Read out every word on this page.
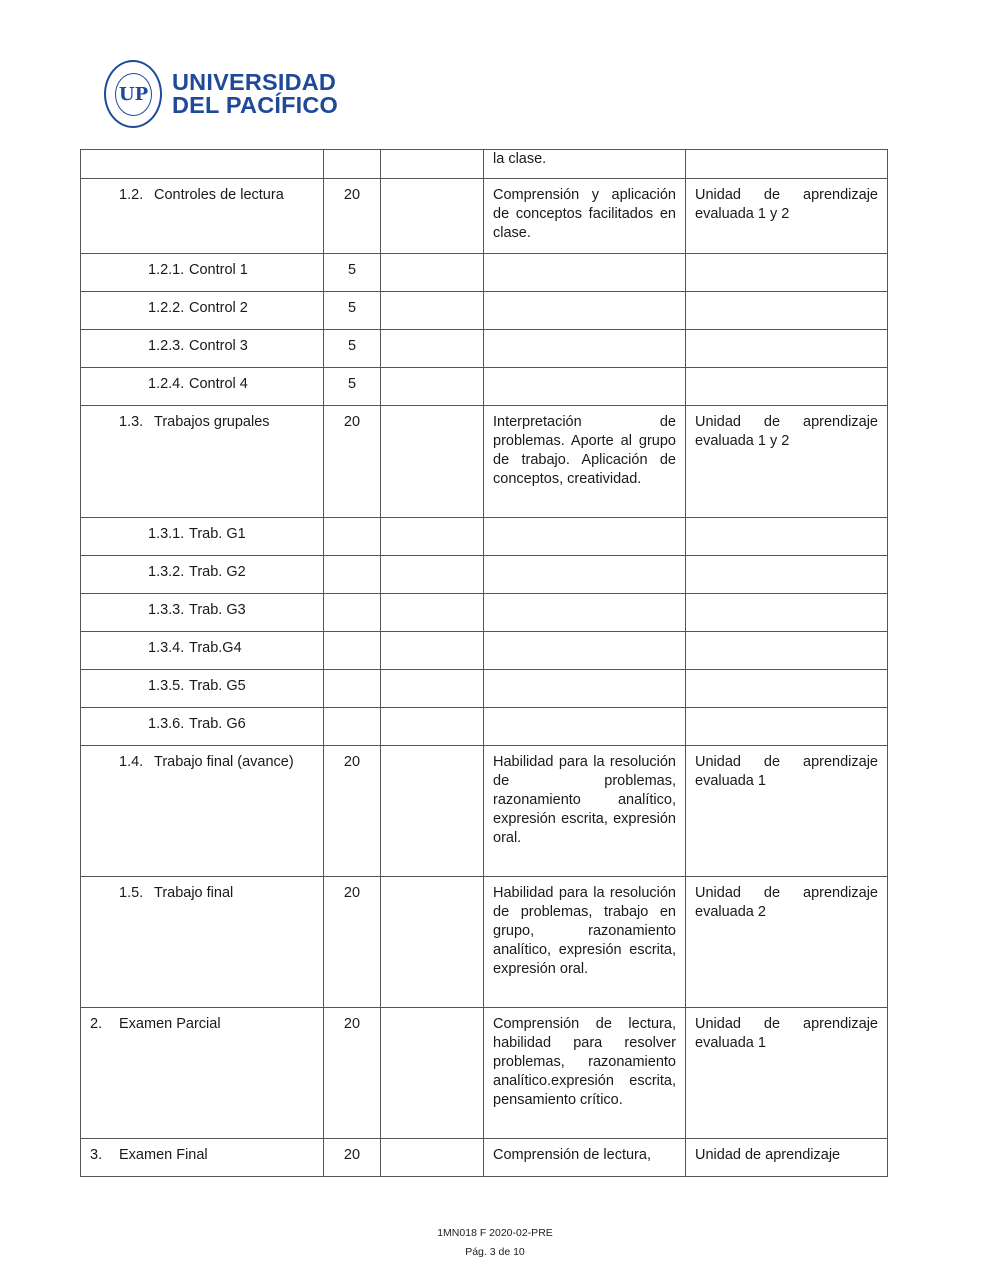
UP UNIVERSIDAD
DEL PACÍFICO
			la clase.	
1.2. Controles de lectura	20		Comprensión y aplicación de conceptos facilitados en clase.	Unidad de aprendizaje evaluada 1 y 2
1.2.1. Control 1	5			
1.2.2. Control 2	5			
1.2.3. Control 3	5			
1.2.4. Control 4	5			
1.3. Trabajos grupales	20		Interpretación de problemas. Aporte al grupo de trabajo. Aplicación de conceptos, creatividad.	Unidad de aprendizaje evaluada 1 y 2
1.3.1. Trab. G1				
1.3.2. Trab. G2				
1.3.3. Trab. G3				
1.3.4. Trab.G4				
1.3.5. Trab. G5				
1.3.6. Trab. G6				
1.4. Trabajo final (avance)	20		Habilidad para la resolución de problemas, razonamiento analítico, expresión escrita, expresión oral.	Unidad de aprendizaje evaluada 1
1.5. Trabajo final	20		Habilidad para la resolución de problemas, trabajo en grupo, razonamiento analítico, expresión escrita, expresión oral.	Unidad de aprendizaje evaluada 2
2. Examen Parcial	20		Comprensión de lectura, habilidad para resolver problemas, razonamiento analítico.expresión escrita, pensamiento crítico.	Unidad de aprendizaje evaluada 1
3. Examen Final	20		Comprensión de lectura,	Unidad de aprendizaje
1MN018 F 2020-02-PRE
Pág. 3 de 10
